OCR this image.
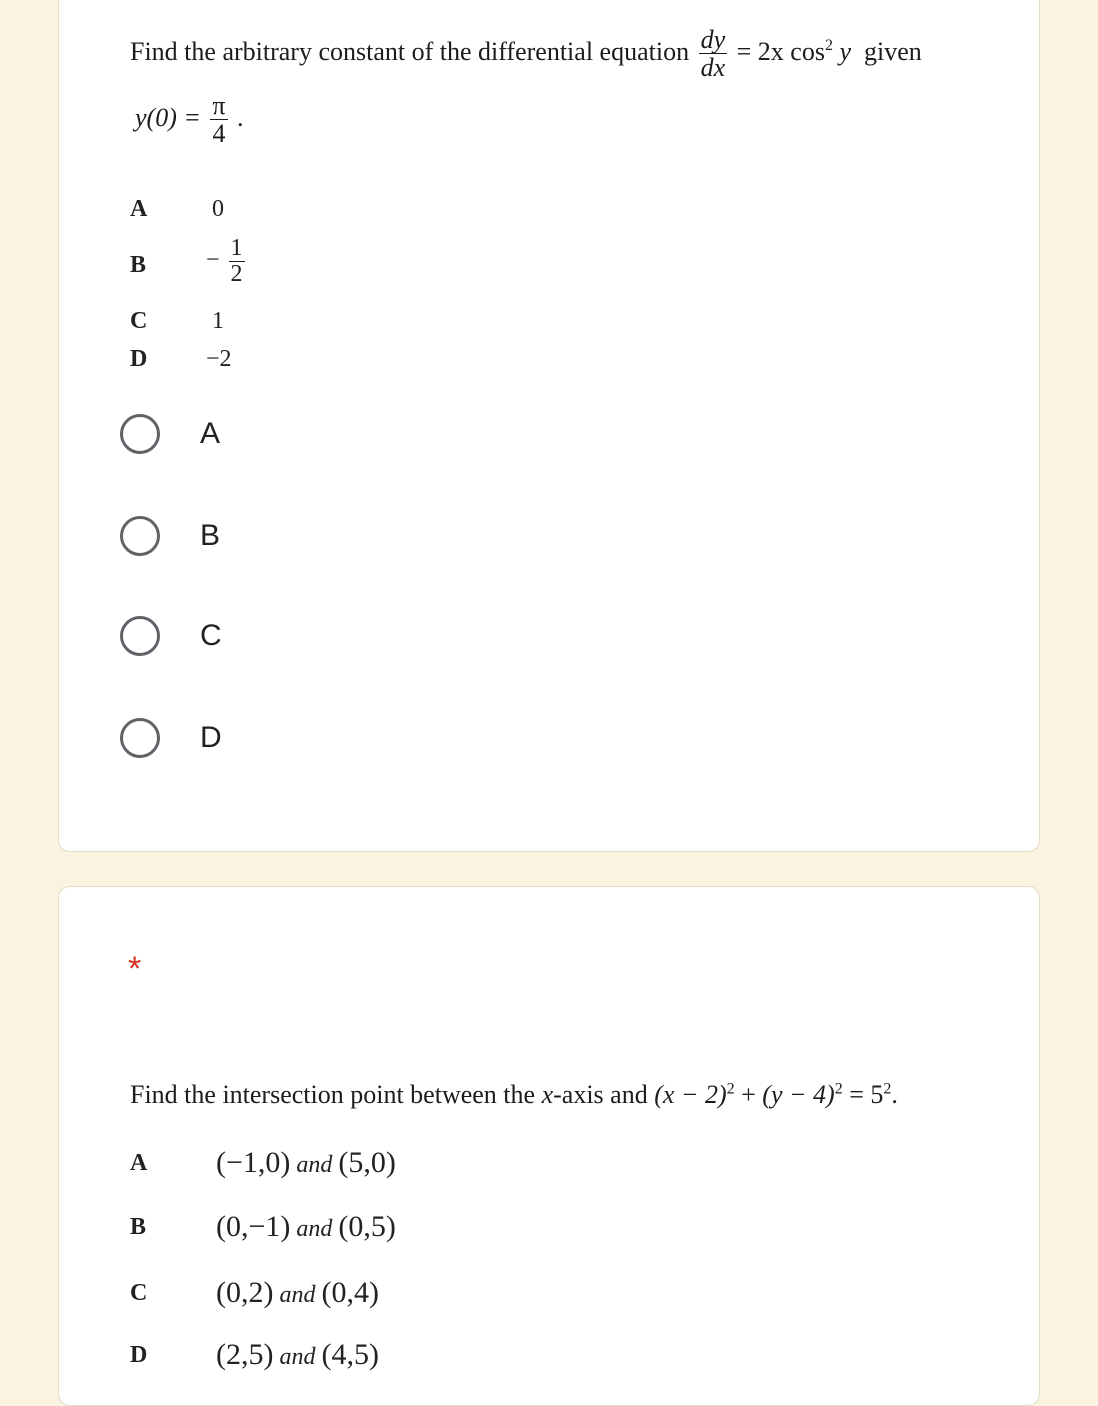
Find the arbitrary constant of the differential equation $\frac{dy}{dx} = 2x$ $\cos^2 y$ given
$y(0) = \frac{\pi}{4}$ .
A	0
$B - \frac{1}{2}$
C	1
D −2
A
B
C
D
*
Find the intersection point between the x-axis and $(x - 2)^2 + (y - 4)^2 = 5^2$.
A (−1,0) and (5,0)
B (0,−1) and (0,5)
C (0,2) and (0,4)
D (2,5) and (4,5)
